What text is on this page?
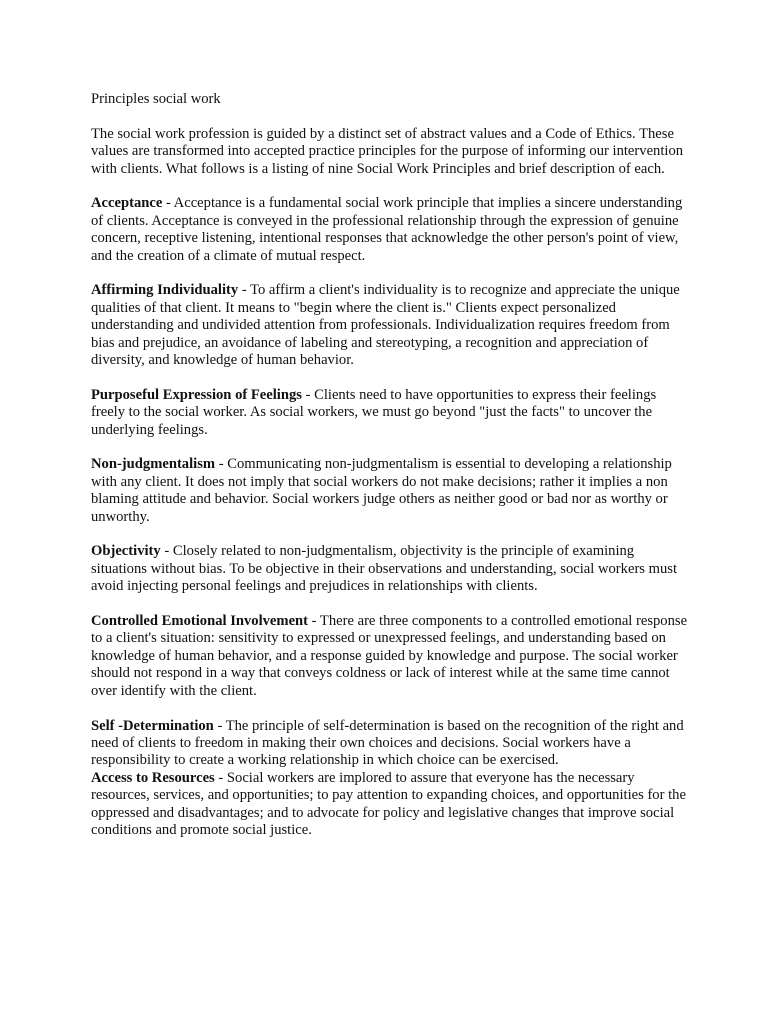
Principles social work

The social work profession is guided by a distinct set of abstract values and a Code of Ethics. These values are transformed into accepted practice principles for the purpose of informing our intervention with clients. What follows is a listing of nine Social Work Principles and brief description of each.

Acceptance - Acceptance is a fundamental social work principle that implies a sincere understanding of clients. Acceptance is conveyed in the professional relationship through the expression of genuine concern, receptive listening, intentional responses that acknowledge the other person's point of view, and the creation of a climate of mutual respect.

Affirming Individuality - To affirm a client's individuality is to recognize and appreciate the unique qualities of that client. It means to "begin where the client is." Clients expect personalized understanding and undivided attention from professionals. Individualization requires freedom from bias and prejudice, an avoidance of labeling and stereotyping, a recognition and appreciation of diversity, and knowledge of human behavior.

Purposeful Expression of Feelings - Clients need to have opportunities to express their feelings freely to the social worker. As social workers, we must go beyond "just the facts" to uncover the underlying feelings.

Non-judgmentalism - Communicating non-judgmentalism is essential to developing a relationship with any client. It does not imply that social workers do not make decisions; rather it implies a non blaming attitude and behavior. Social workers judge others as neither good or bad nor as worthy or unworthy.

Objectivity - Closely related to non-judgmentalism, objectivity is the principle of examining situations without bias. To be objective in their observations and understanding, social workers must avoid injecting personal feelings and prejudices in relationships with clients.

Controlled Emotional Involvement - There are three components to a controlled emotional response to a client's situation: sensitivity to expressed or unexpressed feelings, and understanding based on knowledge of human behavior, and a response guided by knowledge and purpose. The social worker should not respond in a way that conveys coldness or lack of interest while at the same time cannot over identify with the client.

Self -Determination - The principle of self-determination is based on the recognition of the right and need of clients to freedom in making their own choices and decisions. Social workers have a responsibility to create a working relationship in which choice can be exercised.

Access to Resources - Social workers are implored to assure that everyone has the necessary resources, services, and opportunities; to pay attention to expanding choices, and opportunities for the oppressed and disadvantages; and to advocate for policy and legislative changes that improve social conditions and promote social justice.
